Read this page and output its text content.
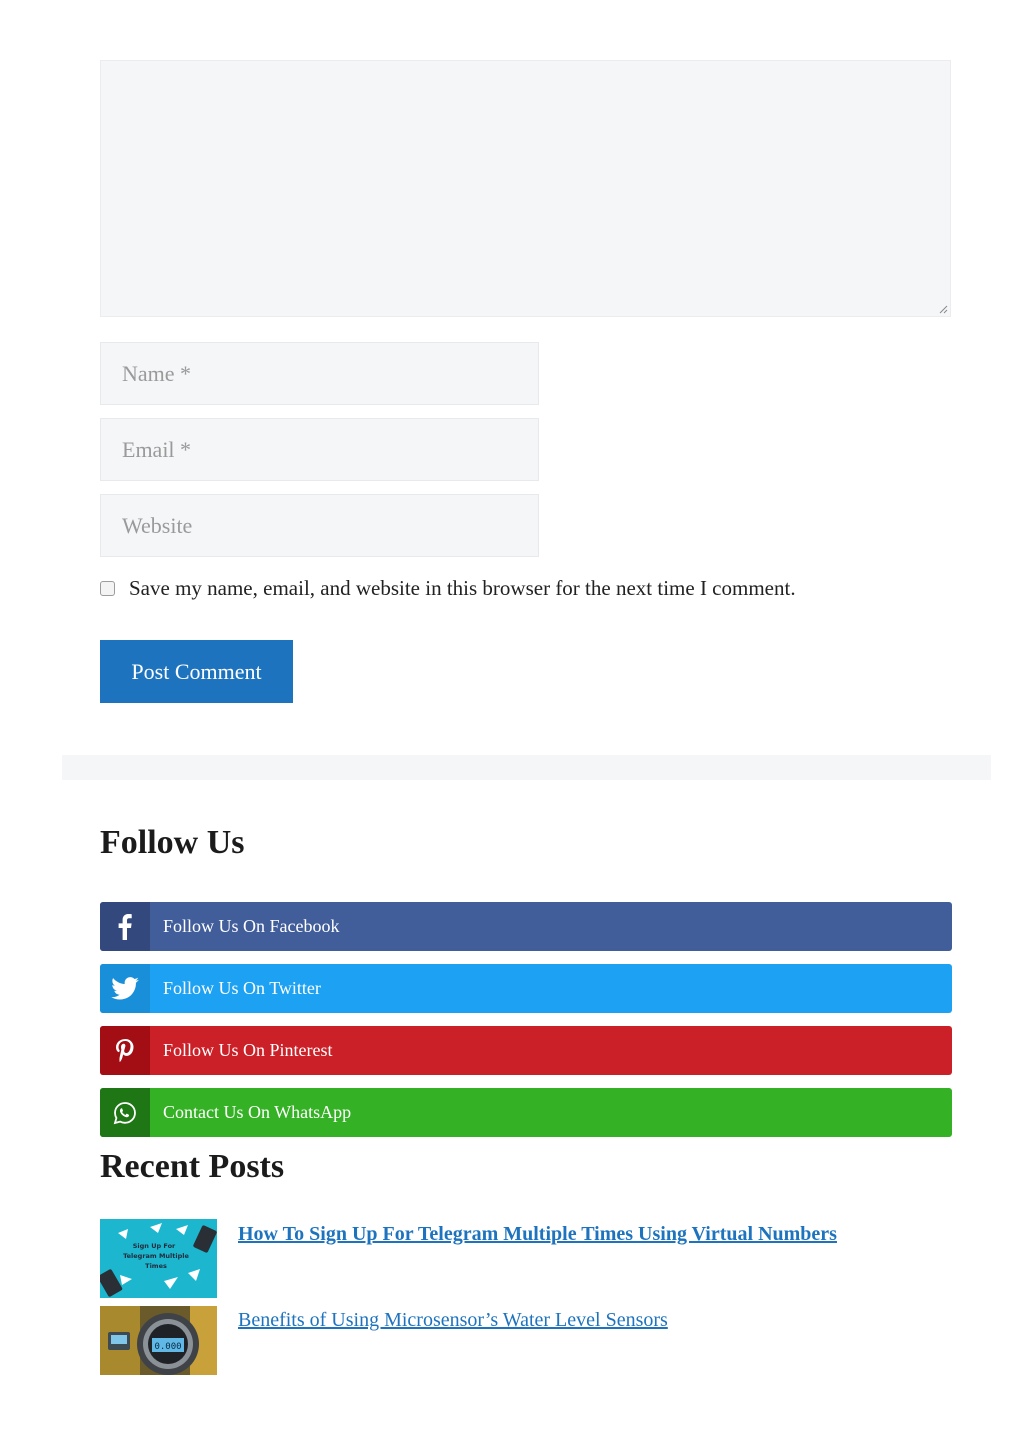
Name *
Email *
Website
Save my name, email, and website in this browser for the next time I comment.
Post Comment
Follow Us
Follow Us On Facebook
Follow Us On Twitter
Follow Us On Pinterest
Contact Us On WhatsApp
Recent Posts
Sign Up For
Telegram Multiple
Times
How To Sign Up For Telegram Multiple Times Using Virtual Numbers
0.000
Benefits of Using Microsensor’s Water Level Sensors
